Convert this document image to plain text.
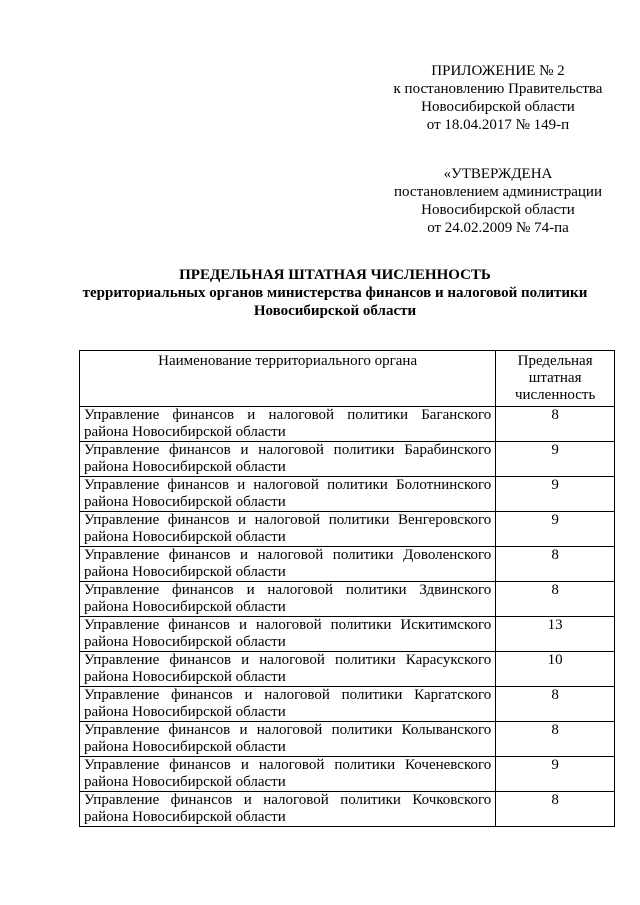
ПРИЛОЖЕНИЕ № 2
к постановлению Правительства
Новосибирской области
от 18.04.2017 № 149-п
«УТВЕРЖДЕНА
постановлением администрации
Новосибирской области
от 24.02.2009 № 74-па
ПРЕДЕЛЬНАЯ ШТАТНАЯ ЧИСЛЕННОСТЬ
территориальных органов министерства финансов и налоговой политики
Новосибирской области
Наименование территориального органа	Предельная штатная численность
Управление финансов и налоговой политики Баганского района Новосибирской области	8
Управление финансов и налоговой политики Барабинского района Новосибирской области	9
Управление финансов и налоговой политики Болотнинского района Новосибирской области	9
Управление финансов и налоговой политики Венгеровского района Новосибирской области	9
Управление финансов и налоговой политики Доволенского района Новосибирской области	8
Управление финансов и налоговой политики Здвинского района Новосибирской области	8
Управление финансов и налоговой политики Искитимского района Новосибирской области	13
Управление финансов и налоговой политики Карасукского района Новосибирской области	10
Управление финансов и налоговой политики Каргатского района Новосибирской области	8
Управление финансов и налоговой политики Колыванского района Новосибирской области	8
Управление финансов и налоговой политики Коченевского района Новосибирской области	9
Управление финансов и налоговой политики Кочковского района Новосибирской области	8
